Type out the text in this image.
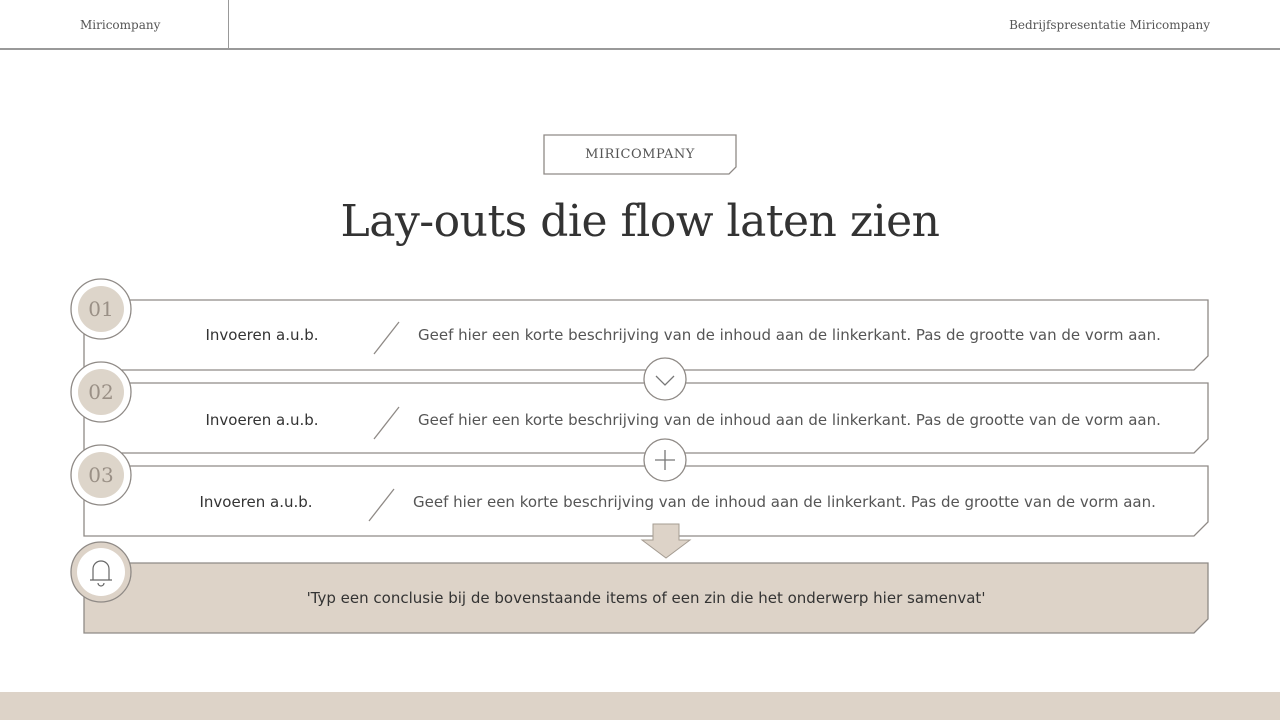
Miricompany	Bedrijfspresentatie Miricompany
MIRICOMPANY
Lay-outs die flow laten zien
01
02
03
Invoeren a.u.b.
Invoeren a.u.b.
Invoeren a.u.b.
Geef hier een korte beschrijving van de inhoud aan de linkerkant. Pas de grootte van de vorm aan.
Geef hier een korte beschrijving van de inhoud aan de linkerkant. Pas de grootte van de vorm aan.
Geef hier een korte beschrijving van de inhoud aan de linkerkant. Pas de grootte van de vorm aan.
'Typ een conclusie bij de bovenstaande items of een zin die het onderwerp hier samenvat'
